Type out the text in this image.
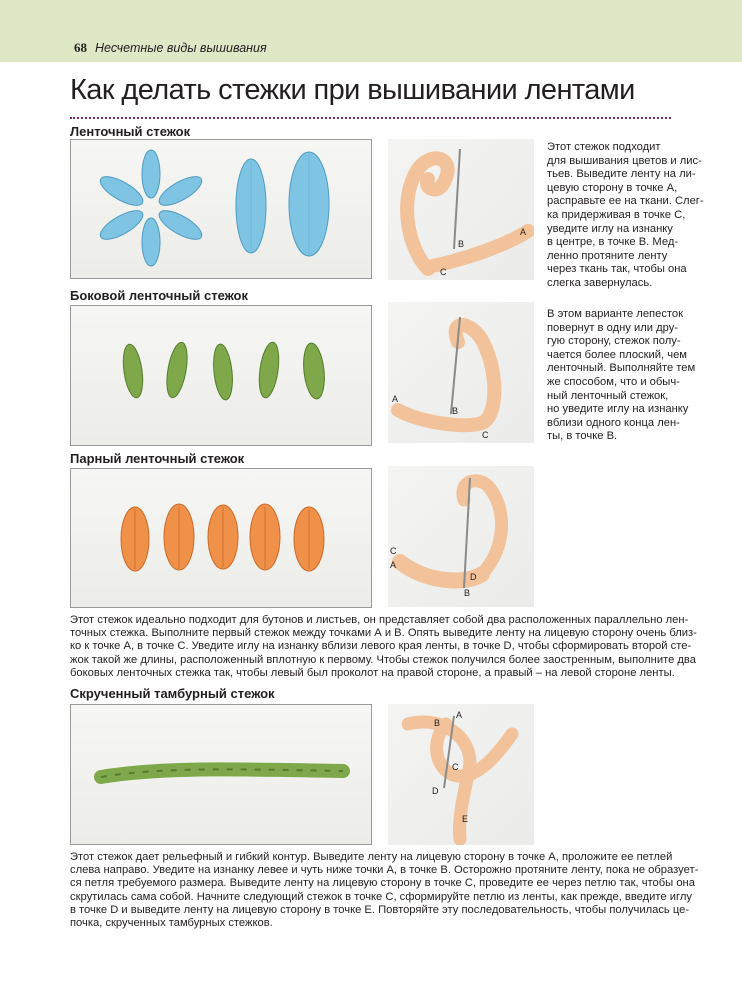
68 Несчетные виды вышивания
Как делать стежки при вышивании лентами
Ленточный стежок
B
A
C

Этот стежок подходит
для вышивания цветов и лис-
тьев. Выведите ленту на ли-
цевую сторону в точке А,
расправьте ее на ткани. Слег-
ка придерживая в точке С,
уведите иглу на изнанку
в центре, в точке В. Мед-
ленно протяните ленту
через ткань так, чтобы она
слегка завернулась.

Боковой ленточный стежок
A
B
C

В этом варианте лепесток
повернут в одну или дру-
гую сторону, стежок полу-
чается более плоский, чем
ленточный. Выполняйте тем
же способом, что и обыч-
ный ленточный стежок,
но уведите иглу на изнанку
вблизи одного конца лен-
ты, в точке В.

Парный ленточный стежок
C
A
D
B

Этот стежок идеально подходит для бутонов и листьев, он представляет собой два расположенных параллельно лен-
точных стежка. Выполните первый стежок между точками А и В. Опять выведите ленту на лицевую сторону очень близ-
ко к точке А, в точке С. Уведите иглу на изнанку вблизи левого края ленты, в точке D, чтобы сформировать второй сте-
жок такой же длины, расположенный вплотную к первому. Чтобы стежок получился более заостренным, выполните два
боковых ленточных стежка так, чтобы левый был проколот на правой стороне, а правый – на левой стороне ленты.

Скрученный тамбурный стежок
B
A
C
D
E

Этот стежок дает рельефный и гибкий контур. Выведите ленту на лицевую сторону в точке А, проложите ее петлей
слева направо. Уведите на изнанку левее и чуть ниже точки А, в точке В. Осторожно протяните ленту, пока не образует-
ся петля требуемого размера. Выведите ленту на лицевую сторону в точке С, проведите ее через петлю так, чтобы она
скрутилась сама собой. Начните следующий стежок в точке С, сформируйте петлю из ленты, как прежде, введите иглу
в точке D и выведите ленту на лицевую сторону в точке Е. Повторяйте эту последовательность, чтобы получилась це-
почка, скрученных тамбурных стежков.
